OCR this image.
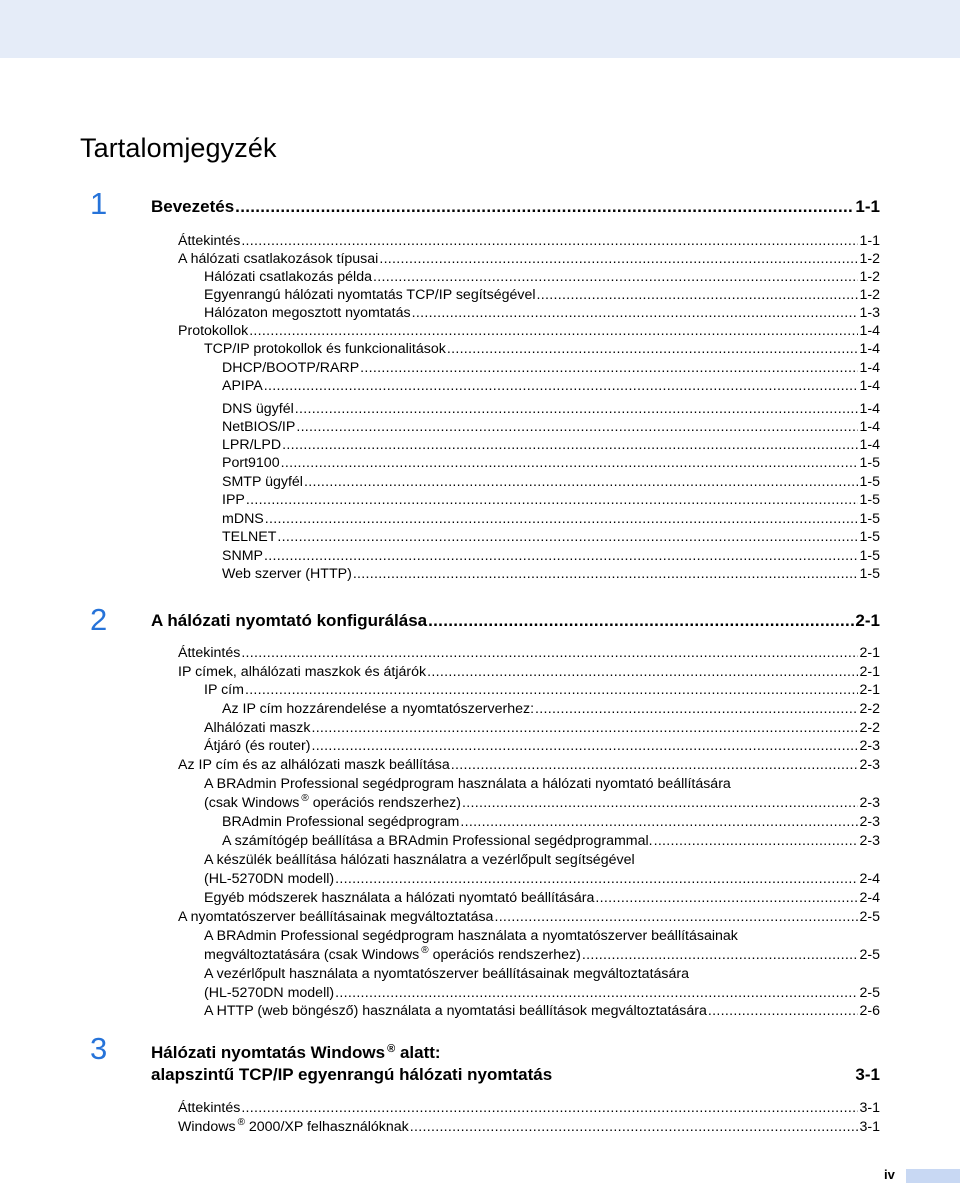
Tartalomjegyzék
1	Bevezetés .....	1-1
Áttekintés .....	1-1
A hálózati csatlakozások típusai .....	1-2
Hálózati csatlakozás példa .....	1-2
Egyenrangú hálózati nyomtatás TCP/IP segítségével .....	1-2
Hálózaton megosztott nyomtatás .....	1-3
Protokollok .....	1-4
TCP/IP protokollok és funkcionalitások .....	1-4
DHCP/BOOTP/RARP .....	1-4
APIPA .....	1-4
DNS ügyfél .....	1-4
NetBIOS/IP .....	1-4
LPR/LPD .....	1-4
Port9100 .....	1-5
SMTP ügyfél .....	1-5
IPP .....	1-5
mDNS .....	1-5
TELNET .....	1-5
SNMP .....	1-5
Web szerver (HTTP) .....	1-5
2	A hálózati nyomtató konfigurálása .....	2-1
Áttekintés .....	2-1
IP címek, alhálózati maszkok és átjárók .....	2-1
IP cím .....	2-1
Az IP cím hozzárendelése a nyomtatószerverhez: .....	2-2
Alhálózati maszk .....	2-2
Átjáró (és router) .....	2-3
Az IP cím és az alhálózati maszk beállítása .....	2-3
A BRAdmin Professional segédprogram használata a hálózati nyomtató beállítására
(csak Windows ® operációs rendszerhez) .....	2-3
BRAdmin Professional segédprogram .....	2-3
A számítógép beállítása a BRAdmin Professional segédprogrammal. .....	2-3
A készülék beállítása hálózati használatra a vezérlőpult segítségével
(HL-5270DN modell) .....	2-4
Egyéb módszerek használata a hálózati nyomtató beállítására .....	2-4
A nyomtatószerver beállításainak megváltoztatása .....	2-5
A BRAdmin Professional segédprogram használata a nyomtatószerver beállításainak
megváltoztatására (csak Windows ® operációs rendszerhez) .....	2-5
A vezérlőpult használata a nyomtatószerver beállításainak megváltoztatására
(HL-5270DN modell) .....	2-5
A HTTP (web böngésző) használata a nyomtatási beállítások megváltoztatására .....	2-6
3	Hálózati nyomtatás Windows ® alatt:
alapszintű TCP/IP egyenrangú hálózati nyomtatás	3-1
Áttekintés .....	3-1
Windows ® 2000/XP felhasználóknak .....	3-1
iv
